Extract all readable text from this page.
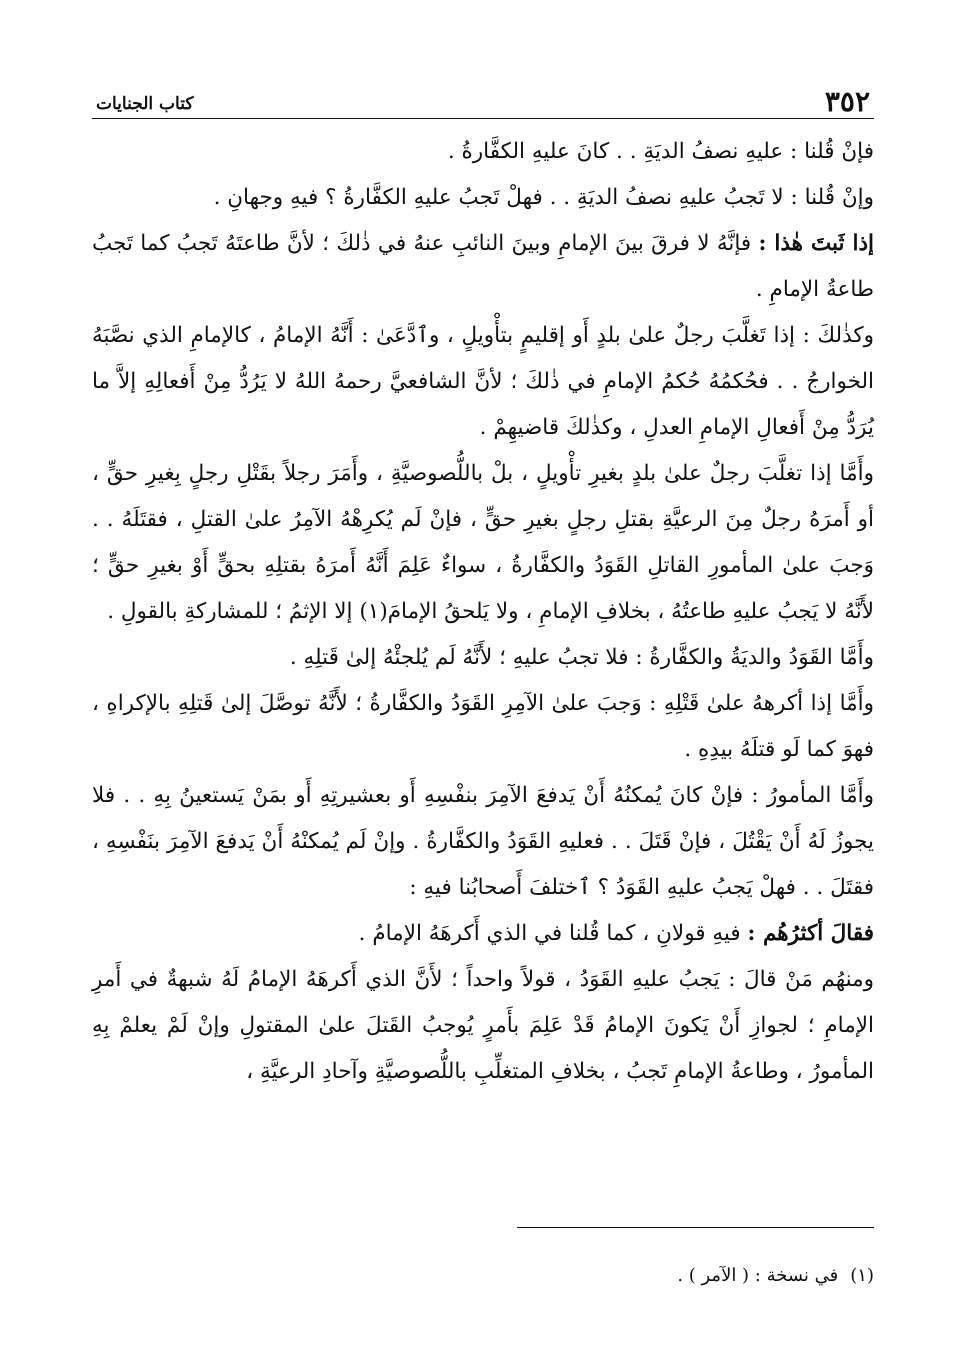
٣٥٢
كتاب الجنايات

فإنْ قُلنا : عليهِ نصفُ الديَةِ . . كانَ عليهِ الكفَّارةُ .

وإنْ قُلنا : لا تَجبُ عليهِ نصفُ الديَةِ . . فهلْ تَجبُ عليهِ الكفَّارةُ ؟ فيهِ وجهانِ .

إذا ثَبتَ هٰذا : فإنَّهُ لا فرقَ بينَ الإمامِ وبينَ النائبِ عنهُ في ذٰلكَ ؛ لأنَّ طاعتَهُ تَجبُ كما تَجبُ طاعةُ الإمامِ .

وكذٰلكَ : إذا تَغلَّبَ رجلٌ علىٰ بلدٍ أَو إقليمٍ بتأْويلٍ ، وٱدَّعَىٰ : أَنَّهُ الإمامُ ، كالإمامِ الذي نصَّبَهُ الخوارجُ . . فحُكمُهُ حُكمُ الإمامِ في ذٰلكَ ؛ لأنَّ الشافعيَّ رحمهُ اللهُ لا يَرُدُّ مِنْ أَفعالِهِ إلاَّ ما يُرَدُّ مِنْ أَفعالِ الإمامِ العدلِ ، وكذٰلكَ قاضيهِمْ .

وأَمَّا إذا تغلَّبَ رجلٌ علىٰ بلدٍ بغيرِ تأْويلٍ ، بلْ باللُّصوصيَّةِ ، وأَمَرَ رجلاً بقَتْلِ رجلٍ بِغيرِ حقٍّ ، أو أَمرَهُ رجلٌ مِنَ الرعيَّةِ بقتلِ رجلٍ بغيرِ حقٍّ ، فإنْ لَم يُكرِهْهُ الآمِرُ علىٰ القتلِ ، فقتَلَهُ . . وَجبَ علىٰ المأمورِ القاتلِ القَوَدُ والكفَّارةُ ، سواءٌ عَلِمَ أَنَّهُ أَمرَهُ بقتلِهِ بحقٍّ أَوْ بغيرِ حقٍّ ؛ لأَنَّهُ لا يَجبُ عليهِ طاعتُهُ ، بخلافِ الإمامِ ، ولا يَلحقُ الإمامَ(١) إلا الإثمُ ؛ للمشاركةِ بالقولِ .

وأَمَّا القَوَدُ والديَةُ والكفَّارةُ : فلا تجبُ عليهِ ؛ لأَنَّهُ لَم يُلجئْهُ إلىٰ قَتلِهِ .

وأَمَّا إذا أكرههُ علىٰ قَتْلِهِ : وَجبَ علىٰ الآمِرِ القَوَدُ والكفَّارةُ ؛ لأَنَّهُ توصَّلَ إلىٰ قَتلِهِ بالإكراهِ ، فهوَ كما لَو قتلَهُ بيدِهِ .

وأَمَّا المأمورُ : فإنْ كانَ يُمكنُهُ أَنْ يَدفعَ الآمِرَ بنفْسِهِ أَو بعشيرتِهِ أَو بمَنْ يَستعينُ بِهِ . . فلا يجوزُ لَهُ أَنْ يَقْتُلَ ، فإنْ قَتَلَ . . فعليهِ القَوَدُ والكفَّارةُ . وإنْ لَم يُمكنْهُ أَنْ يَدفعَ الآمِرَ بنَفْسِهِ ، فقتَلَ . . فهلْ يَجبُ عليهِ القَوَدُ ؟ ٱختلفَ أَصحابُنا فيهِ :

فقالَ أكثرُهُم : فيهِ قولانِ ، كما قُلنا في الذي أَكرهَهُ الإمامُ .

ومنهُم مَنْ قالَ : يَجبُ عليهِ القَوَدُ ، قولاً واحداً ؛ لأَنَّ الذي أَكرهَهُ الإمامُ لَهُ شبهةٌ في أَمرِ الإمامِ ؛ لجوازِ أَنْ يَكونَ الإمامُ قَدْ عَلِمَ بأَمرٍ يُوجبُ القَتلَ علىٰ المقتولِ وإنْ لَمْ يعلمْ بِهِ المأمورُ ، وطاعةُ الإمامِ تَجبُ ، بخلافِ المتغلِّبِ باللُّصوصيَّةِ وآحادِ الرعيَّةِ ،

(١)في نسخة : ( الآمر ) .
